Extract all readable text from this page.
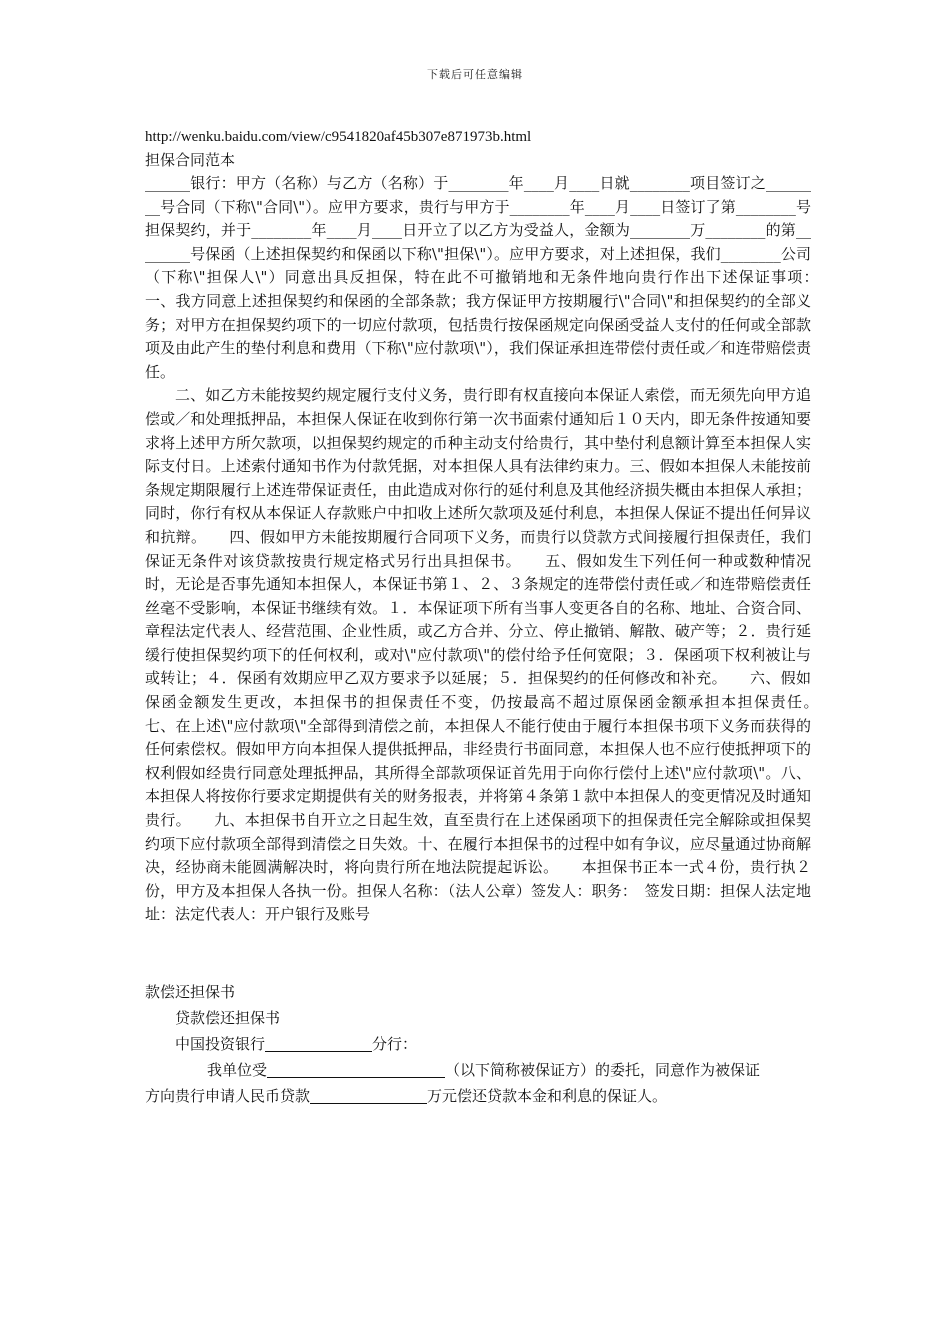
下载后可任意编辑
http://wenku.baidu.com/view/c9541820af45b307e871973b.html
担保合同范本

______银行：甲方（名称）与乙方（名称）于________年____月____日就________项目签订之________号合同（下称\"合同\"）。应甲方要求，贵行与甲方于________年____月____日签订了第________号担保契约，并于________年____月____日开立了以乙方为受益人，金额为________万________的第________号保函（上述担保契约和保函以下称\"担保\"）。应甲方要求，对上述担保，我们________公司（下称\"担保人\"）同意出具反担保，特在此不可撤销地和无条件地向贵行作出下述保证事项：　　一、我方同意上述担保契约和保函的全部条款；我方保证甲方按期履行\"合同\"和担保契约的全部义务；对甲方在担保契约项下的一切应付款项，包括贵行按保函规定向保函受益人支付的任何或全部款项及由此产生的垫付利息和费用（下称\"应付款项\"），我们保证承担连带偿付责任或／和连带赔偿责任。

二、如乙方未能按契约规定履行支付义务，贵行即有权直接向本保证人索偿，而无须先向甲方追偿或／和处理抵押品，本担保人保证在收到你行第一次书面索付通知后１０天内，即无条件按通知要求将上述甲方所欠款项，以担保契约规定的币种主动支付给贵行，其中垫付利息额计算至本担保人实际支付日。上述索付通知书作为付款凭据，对本担保人具有法律约束力。三、假如本担保人未能按前条规定期限履行上述连带保证责任，由此造成对你行的延付利息及其他经济损失概由本担保人承担；同时，你行有权从本保证人存款账户中扣收上述所欠款项及延付利息，本担保人保证不提出任何异议和抗辩。　　四、假如甲方未能按期履行合同项下义务，而贵行以贷款方式间接履行担保责任，我们保证无条件对该贷款按贵行规定格式另行出具担保书。　　五、假如发生下列任何一种或数种情况时，无论是否事先通知本担保人，本保证书第１、２、３条规定的连带偿付责任或／和连带赔偿责任丝毫不受影响，本保证书继续有效。１．本保证项下所有当事人变更各自的名称、地址、合资合同、章程法定代表人、经营范围、企业性质，或乙方合并、分立、停止撤销、解散、破产等；２．贵行延缓行使担保契约项下的任何权利，或对\"应付款项\"的偿付给予任何宽限；３．保函项下权利被让与或转让；４．保函有效期应甲乙双方要求予以延展；５．担保契约的任何修改和补充。　　六、假如保函金额发生更改，本担保书的担保责任不变，仍按最高不超过原保函金额承担本担保责任。　　七、在上述\"应付款项\"全部得到清偿之前，本担保人不能行使由于履行本担保书项下义务而获得的任何索偿权。假如甲方向本担保人提供抵押品，非经贵行书面同意，本担保人也不应行使抵押项下的权利假如经贵行同意处理抵押品，其所得全部款项保证首先用于向你行偿付上述\"应付款项\"。八、本担保人将按你行要求定期提供有关的财务报表，并将第４条第１款中本担保人的变更情况及时通知贵行。　　九、本担保书自开立之日起生效，直至贵行在上述保函项下的担保责任完全解除或担保契约项下应付款项全部得到清偿之日失效。十、在履行本担保书的过程中如有争议，应尽量通过协商解决，经协商未能圆满解决时，将向贵行所在地法院提起诉讼。　　本担保书正本一式４份，贵行执２份，甲方及本担保人各执一份。担保人名称：（法人公章）签发人：职务：　签发日期：担保人法定地址：法定代表人：开户银行及账号

款偿还担保书
贷款偿还担保书
中国投资银行	分行：
我单位受	（以下简称被保证方）的委托，同意作为被保证
方向贵行申请人民币贷款	万元偿还贷款本金和利息的保证人。
